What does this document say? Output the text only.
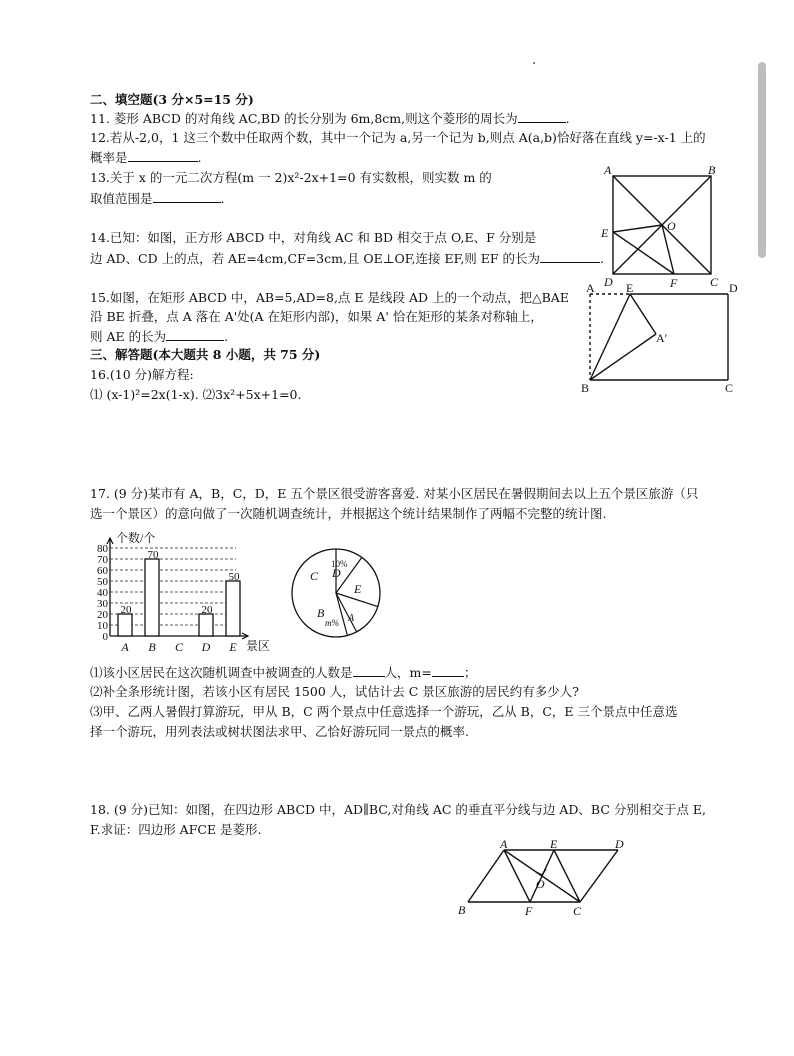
二、填空题(3 分×5=15 分)
11. 菱形 ABCD 的对角线 AC,BD 的长分别为 6m,8cm,则这个菱形的周长为	.
12.若从-2,0，1 这三个数中任取两个数，其中一个记为 a,另一个记为 b,则点 A(a,b)恰好落在直线 y=-x-1 上的
概率是	.
13.关于 x 的一元二次方程(m 一 2)x²-2x+1=0 有实数根，则实数 m 的
取值范围是	.
14.已知：如图，正方形 ABCD 中，对角线 AC 和 BD 相交于点 O,E、F 分别是
边 AD、CD 上的点，若 AE=4cm,CF=3cm,且 OE⊥OF,连接 EF,则 EF 的长为	.
A	B
C
D
E
F
O
15.如图，在矩形 ABCD 中，AB=5,AD=8,点 E 是线段 AD 上的一个动点，把△BAE
沿 BE 折叠，点 A 落在 A'处(A 在矩形内部)，如果 A' 恰在矩形的某条对称轴上，
则 AE 的长为	.
A	E	D
A′
B	C
三、解答题(本大题共 8 小题，共 75 分)
16.(10 分)解方程:
⑴ (x-1)²=2x(1-x). ⑵3x²+5x+1=0.
17. (9 分)某市有 A，B，C，D，E 五个景区很受游客喜爱. 对某小区居民在暑假期间去以上五个景区旅游（只
选一个景区）的意向做了一次随机调查统计，并根据这个统计结果制作了两幅不完整的统计图.
个数/个
景区
0
10
20
30
40
50
60
70
80
20
A
70
B C
20
D
50
E
C
10%
D
E
A
B
m%
⑴该小区居民在这次随机调查中被调查的人数是	人，m=	；
⑵补全条形统计图，若该小区有居民 1500 人，试估计去 C 景区旅游的居民约有多少人?
⑶甲、乙两人暑假打算游玩，甲从 B，C 两个景点中任意选择一个游玩，乙从 B，C，E 三个景点中任意选
择一个游玩，用列表法或树状图法求甲、乙恰好游玩同一景点的概率.
18. (9 分)已知：如图，在四边形 ABCD 中，AD∥BC,对角线 AC 的垂直平分线与边 AD、BC 分别相交于点 E,
F.求证：四边形 AFCE 是菱形.
A	E	D
O
B	F	C
